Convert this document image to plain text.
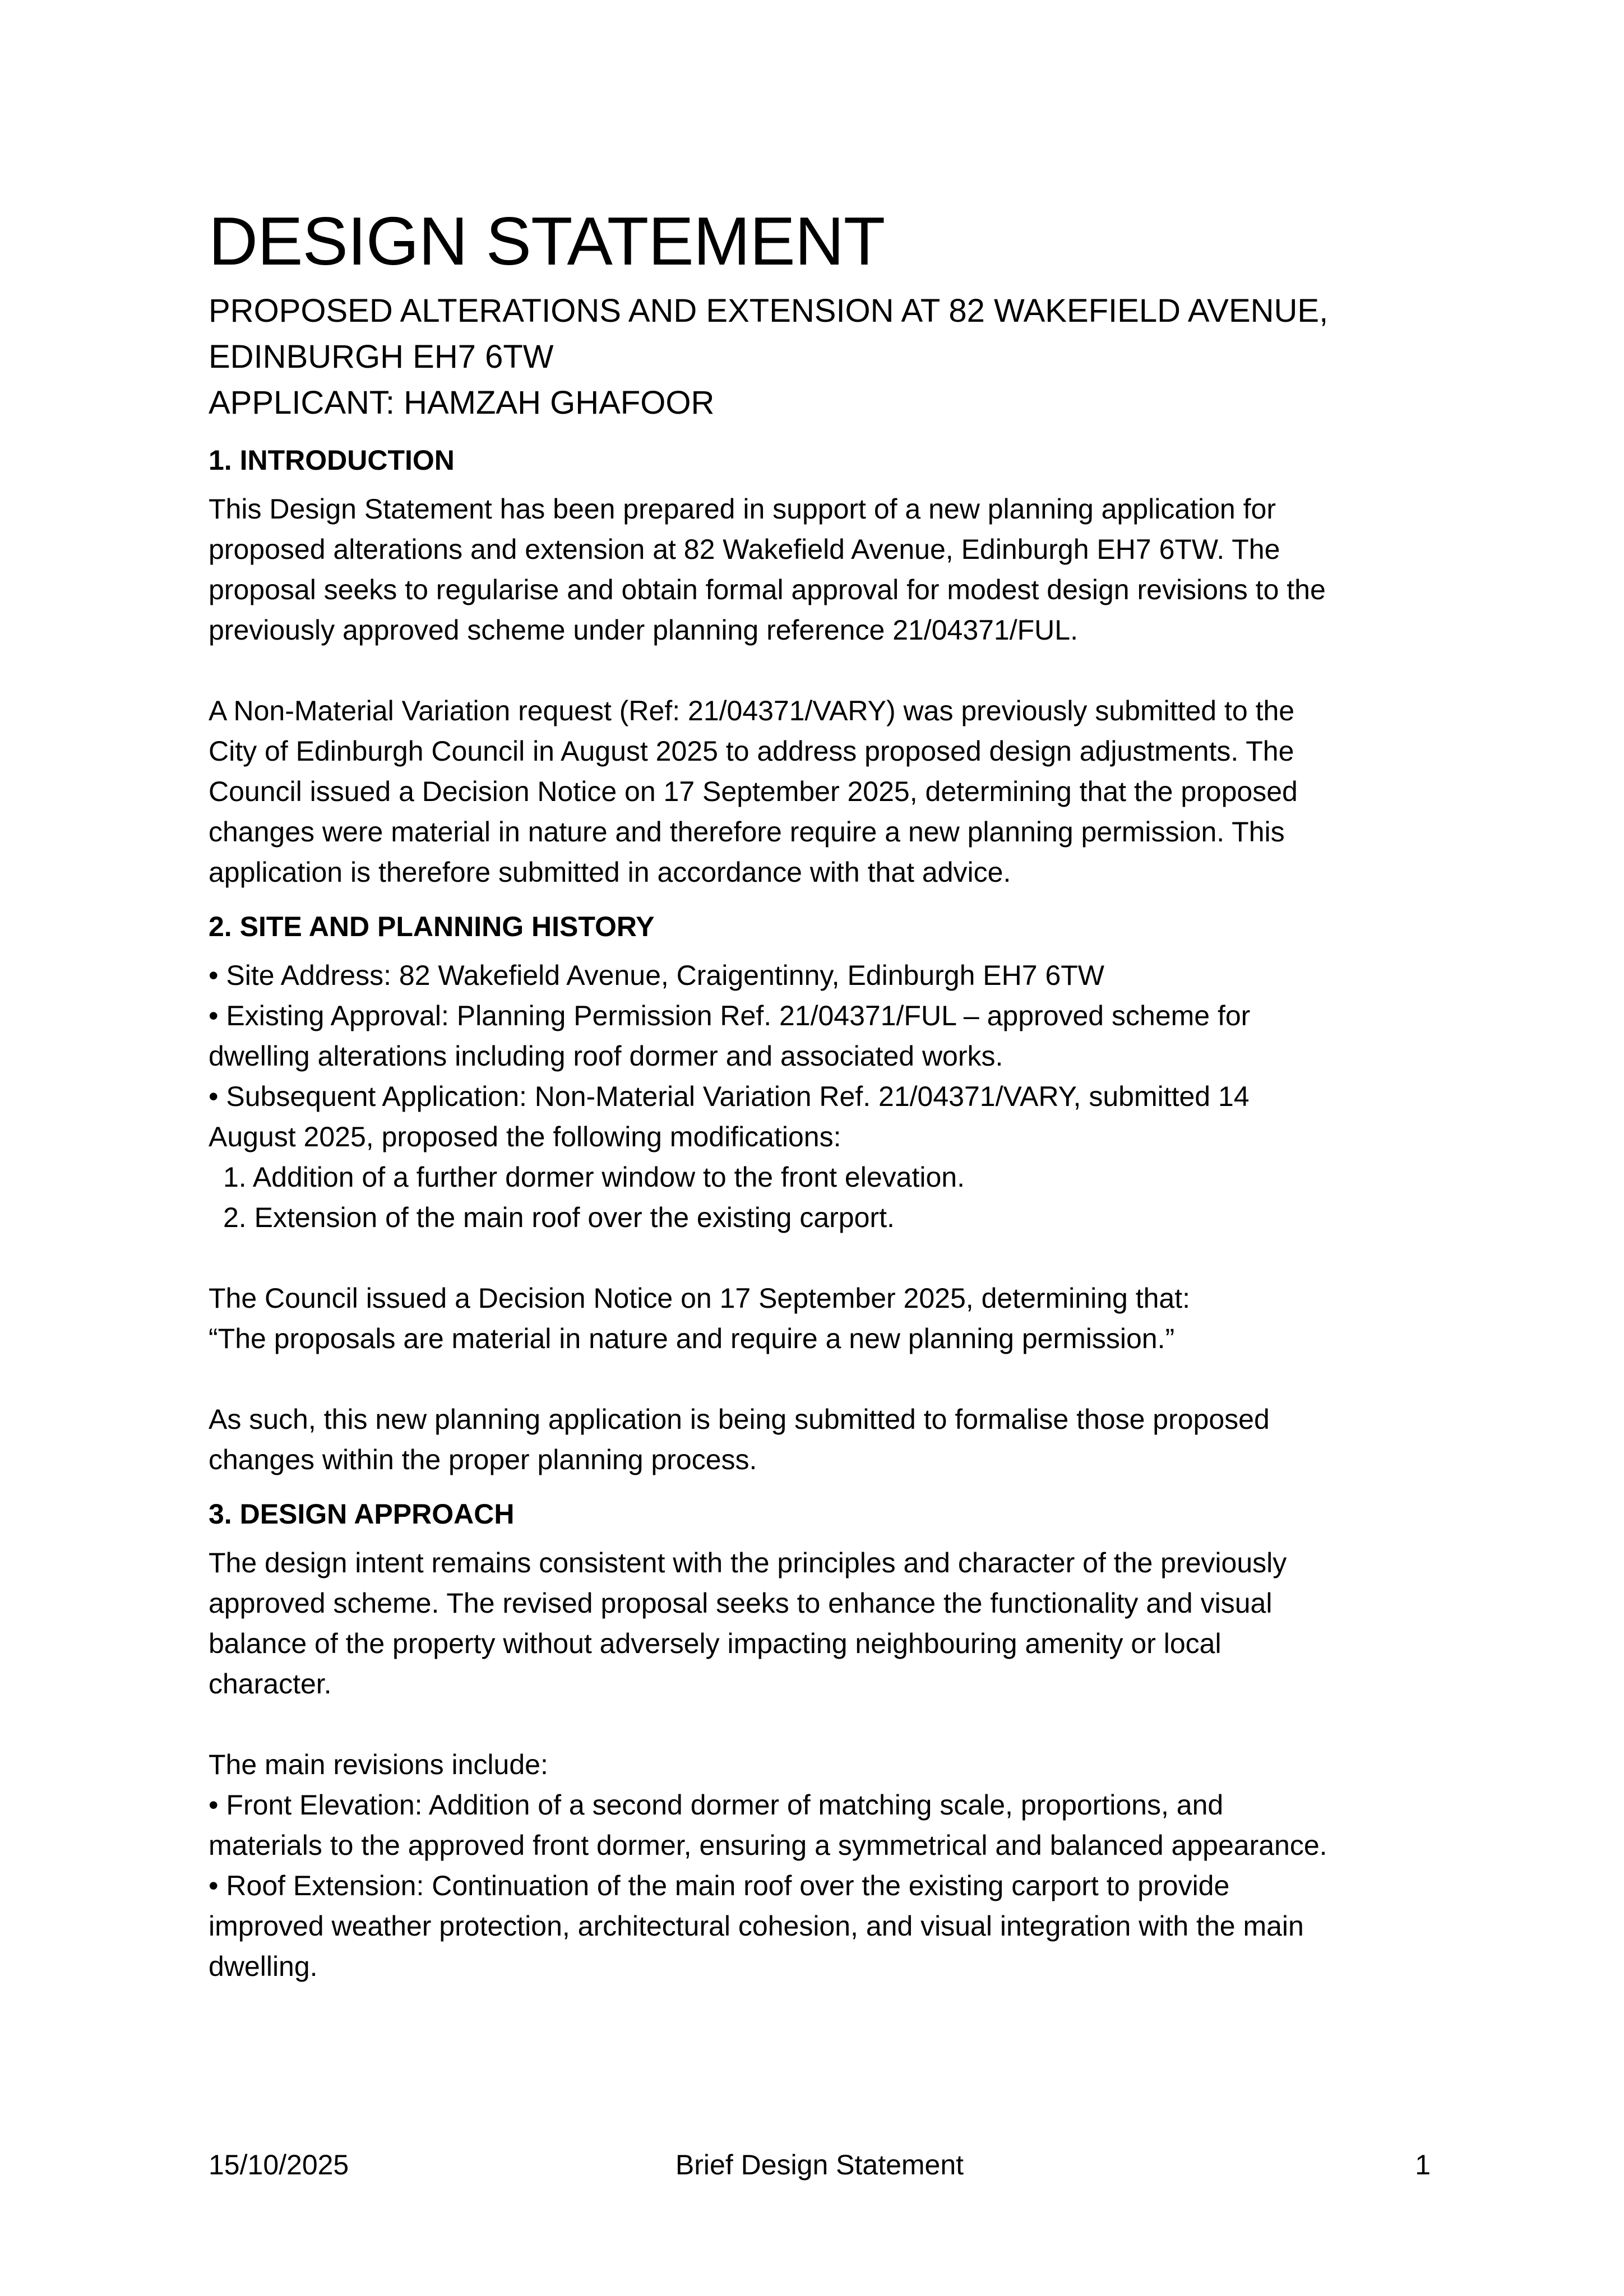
DESIGN STATEMENT
PROPOSED ALTERATIONS AND EXTENSION AT 82 WAKEFIELD AVENUE,
EDINBURGH EH7 6TW
APPLICANT: HAMZAH GHAFOOR
1. INTRODUCTION
This Design Statement has been prepared in support of a new planning application for
proposed alterations and extension at 82 Wakefield Avenue, Edinburgh EH7 6TW. The
proposal seeks to regularise and obtain formal approval for modest design revisions to the
previously approved scheme under planning reference 21/04371/FUL.
A Non-Material Variation request (Ref: 21/04371/VARY) was previously submitted to the
City of Edinburgh Council in August 2025 to address proposed design adjustments. The
Council issued a Decision Notice on 17 September 2025, determining that the proposed
changes were material in nature and therefore require a new planning permission. This
application is therefore submitted in accordance with that advice.
2. SITE AND PLANNING HISTORY
• Site Address: 82 Wakefield Avenue, Craigentinny, Edinburgh EH7 6TW
• Existing Approval: Planning Permission Ref. 21/04371/FUL – approved scheme for
dwelling alterations including roof dormer and associated works.
• Subsequent Application: Non-Material Variation Ref. 21/04371/VARY, submitted 14
August 2025, proposed the following modifications:
1. Addition of a further dormer window to the front elevation.
2. Extension of the main roof over the existing carport.
The Council issued a Decision Notice on 17 September 2025, determining that:
“The proposals are material in nature and require a new planning permission.”
As such, this new planning application is being submitted to formalise those proposed
changes within the proper planning process.
3. DESIGN APPROACH
The design intent remains consistent with the principles and character of the previously
approved scheme. The revised proposal seeks to enhance the functionality and visual
balance of the property without adversely impacting neighbouring amenity or local
character.
The main revisions include:
• Front Elevation: Addition of a second dormer of matching scale, proportions, and
materials to the approved front dormer, ensuring a symmetrical and balanced appearance.
• Roof Extension: Continuation of the main roof over the existing carport to provide
improved weather protection, architectural cohesion, and visual integration with the main
dwelling.
15/10/2025	Brief Design Statement	1
